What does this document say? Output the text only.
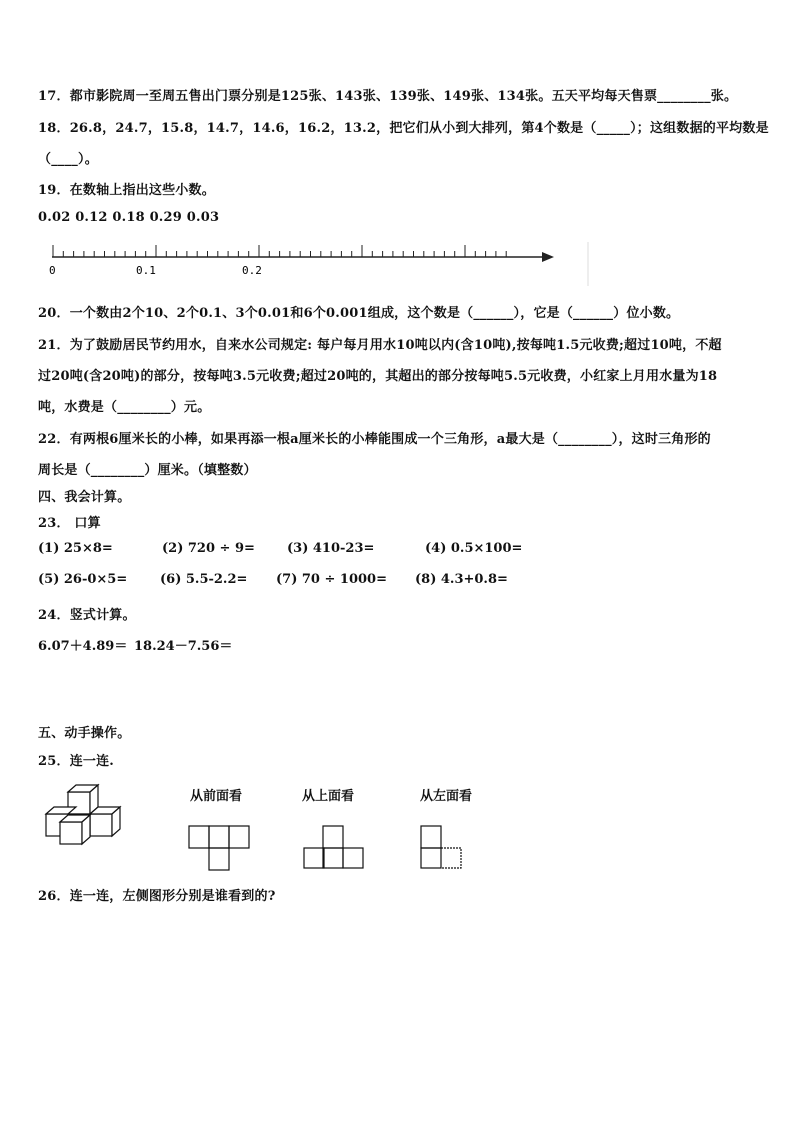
17．都市影院周一至周五售出门票分别是125张、143张、139张、149张、134张。五天平均每天售票________张。
18．26.8，24.7，15.8，14.7，14.6，16.2，13.2，把它们从小到大排列，第4个数是（_____）；这组数据的平均数是
（____）。
19．在数轴上指出这些小数。
0.02 0.12 0.18 0.29 0.03
0	0.1	0.2
20．一个数由2个10、2个0.1、3个0.01和6个0.001组成，这个数是（______），它是（______）位小数。
21．为了鼓励居民节约用水，自来水公司规定: 每户每月用水10吨以内(含10吨),按每吨1.5元收费;超过10吨，不超
过20吨(含20吨)的部分，按每吨3.5元收费;超过20吨的，其超出的部分按每吨5.5元收费，小红家上月用水量为18
吨，水费是（________）元。
22．有两根6厘米长的小棒，如果再添一根a厘米长的小棒能围成一个三角形，a最大是（________），这时三角形的
周长是（________）厘米。（填整数）
四、我会计算。
23． 口算
(1) 25×8=	(2) 720 ÷ 9= (3) 410-23=	(4) 0.5×100=
(5) 26-0×5=	(6) 5.5-2.2= (7) 70 ÷ 1000= (8) 4.3+0.8=
24．竖式计算。
6.07＋4.89＝ 18.24－7.56＝
五、动手操作。
25．连一连.
从前面看	从上面看	从左面看
26．连一连，左侧图形分别是谁看到的?
